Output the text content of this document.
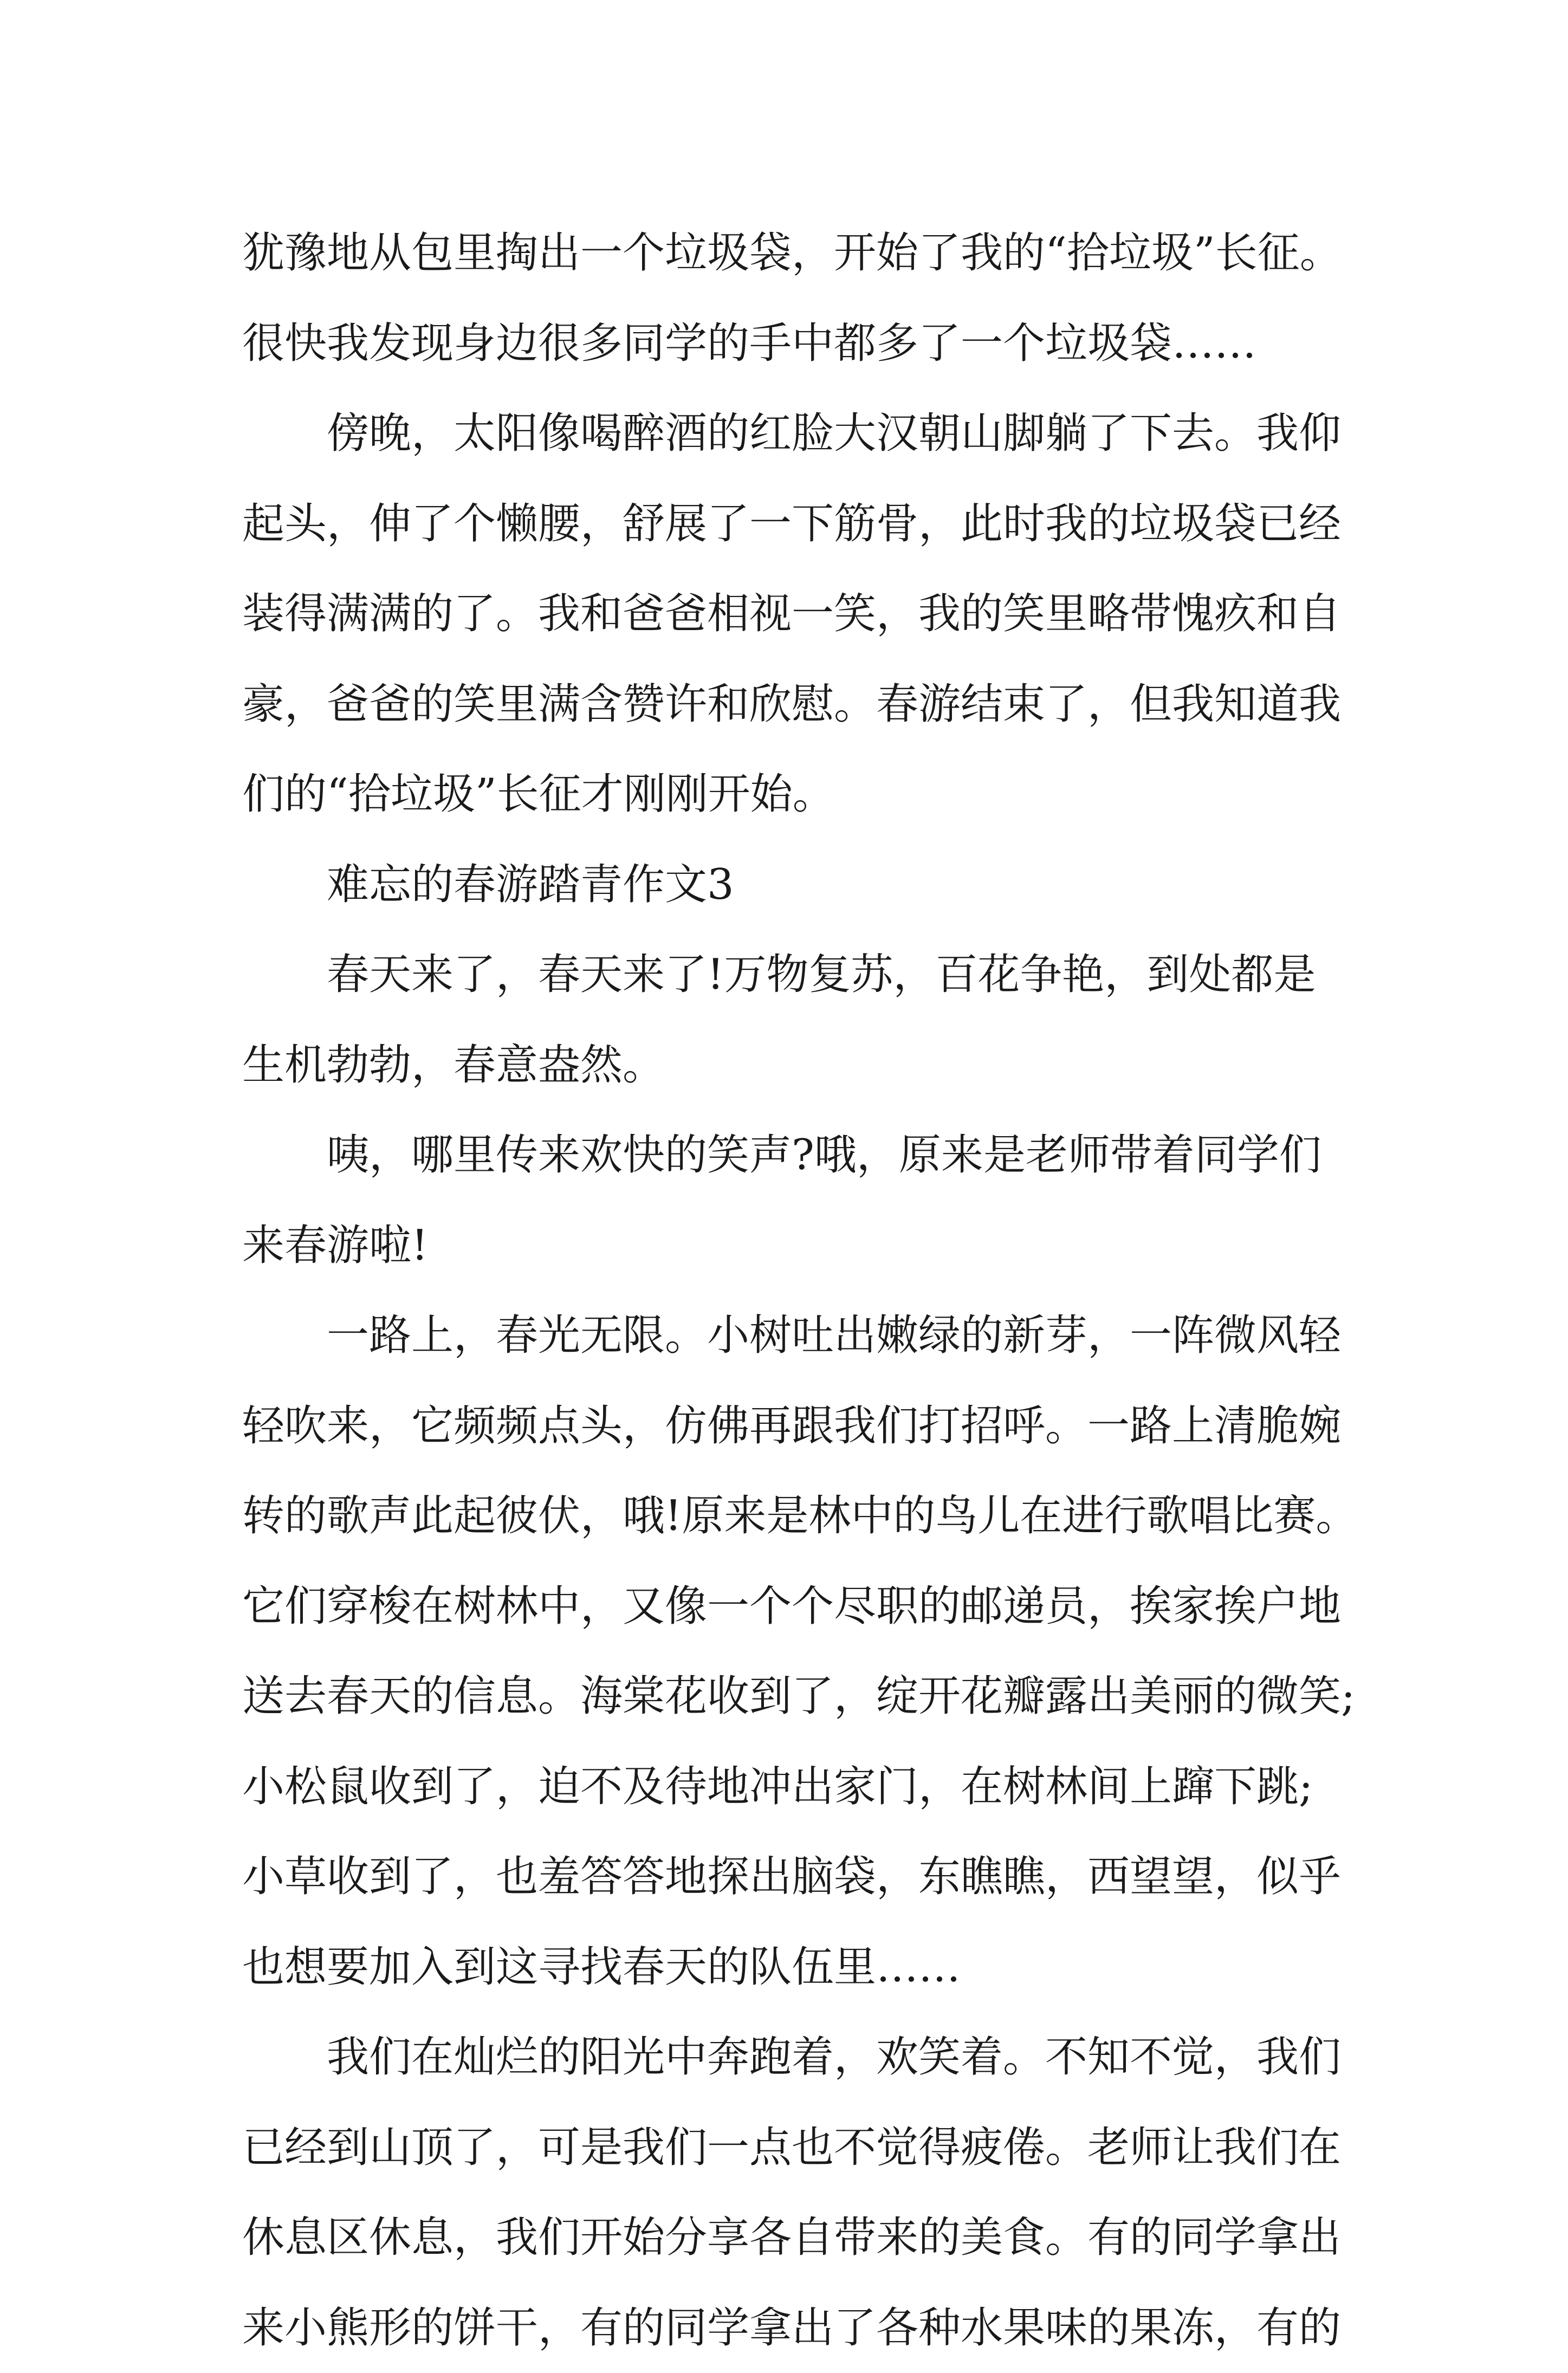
犹豫地从包里掏出一个垃圾袋，开始了我的“拾垃圾”长征。
很快我发现身边很多同学的手中都多了一个垃圾袋……
傍晚，太阳像喝醉酒的红脸大汉朝山脚躺了下去。我仰
起头，伸了个懒腰，舒展了一下筋骨，此时我的垃圾袋已经
装得满满的了。我和爸爸相视一笑，我的笑里略带愧疚和自
豪，爸爸的笑里满含赞许和欣慰。春游结束了，但我知道我
们的“拾垃圾”长征才刚刚开始。
难忘的春游踏青作文3
春天来了，春天来了!万物复苏，百花争艳，到处都是
生机勃勃，春意盎然。
咦，哪里传来欢快的笑声?哦，原来是老师带着同学们
来春游啦!
一路上，春光无限。小树吐出嫩绿的新芽，一阵微风轻
轻吹来，它频频点头，仿佛再跟我们打招呼。一路上清脆婉
转的歌声此起彼伏，哦!原来是林中的鸟儿在进行歌唱比赛。
它们穿梭在树林中，又像一个个尽职的邮递员，挨家挨户地
送去春天的信息。海棠花收到了，绽开花瓣露出美丽的微笑;
小松鼠收到了，迫不及待地冲出家门，在树林间上蹿下跳;
小草收到了，也羞答答地探出脑袋，东瞧瞧，西望望，似乎
也想要加入到这寻找春天的队伍里……
我们在灿烂的阳光中奔跑着，欢笑着。不知不觉，我们
已经到山顶了，可是我们一点也不觉得疲倦。老师让我们在
休息区休息，我们开始分享各自带来的美食。有的同学拿出
来小熊形的饼干，有的同学拿出了各种水果味的果冻，有的
